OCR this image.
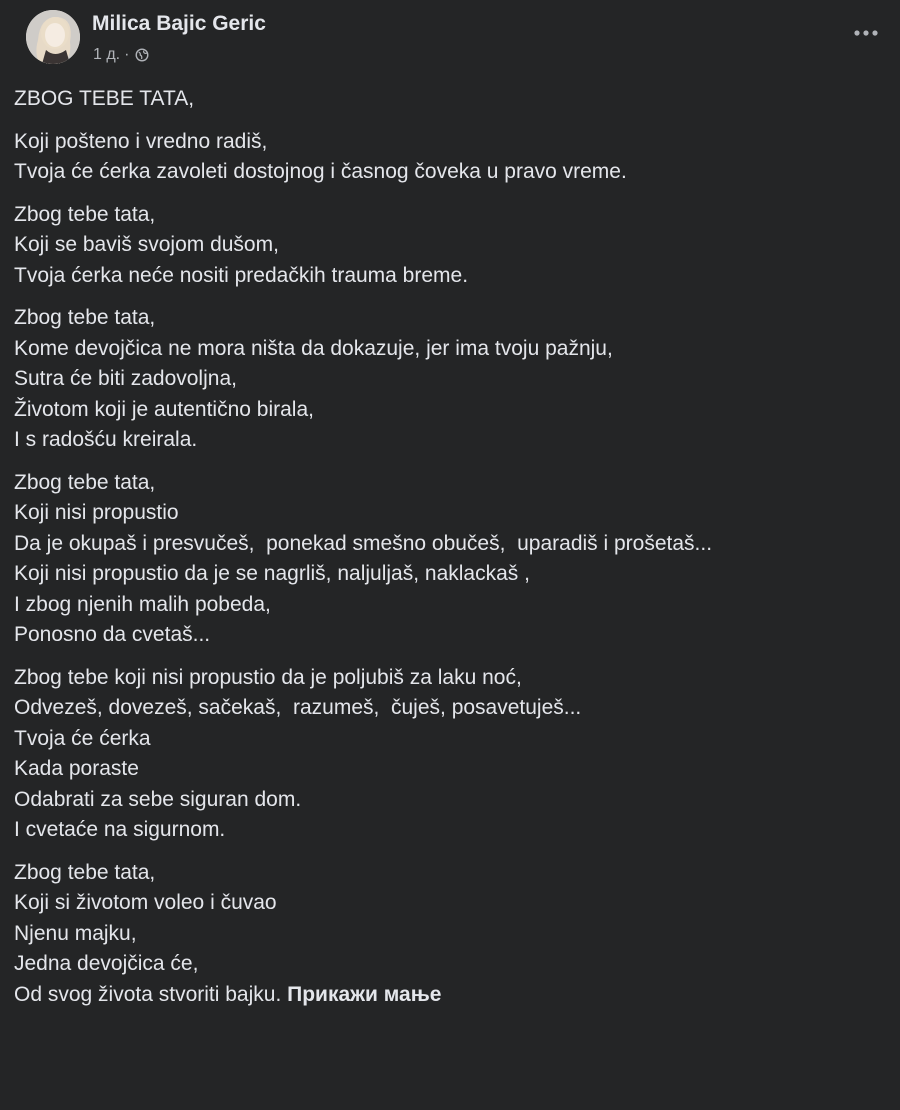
Milica Bajic Geric
1 д. ·
ZBOG TEBE TATA,
Koji pošteno i vredno radiš,
Tvoja će ćerka zavoleti dostojnog i časnog čoveka u pravo vreme.
Zbog tebe tata,
Koji se baviš svojom dušom,
Tvoja ćerka neće nositi predačkih trauma breme.
Zbog tebe tata,
Kome devojčica ne mora ništa da dokazuje, jer ima tvoju pažnju,
Sutra će biti zadovoljna,
Životom koji je autentično birala,
I s radošću kreirala.
Zbog tebe tata,
Koji nisi propustio
Da je okupaš i presvučeš,  ponekad smešno obučeš,  uparadiš i prošetaš...
Koji nisi propustio da je se nagrliš, naljuljaš, naklackaš ,
I zbog njenih malih pobeda,
Ponosno da cvetaš...
Zbog tebe koji nisi propustio da je poljubiš za laku noć,
Odvezeš, dovezeš, sačekaš,  razumeš,  čuješ, posavetuješ...
Tvoja će ćerka
Kada poraste
Odabrati za sebe siguran dom.
I cvetaće na sigurnom.
Zbog tebe tata,
Koji si životom voleo i čuvao
Njenu majku,
Jedna devojčica će,
Od svog života stvoriti bajku. Прикажи мање
